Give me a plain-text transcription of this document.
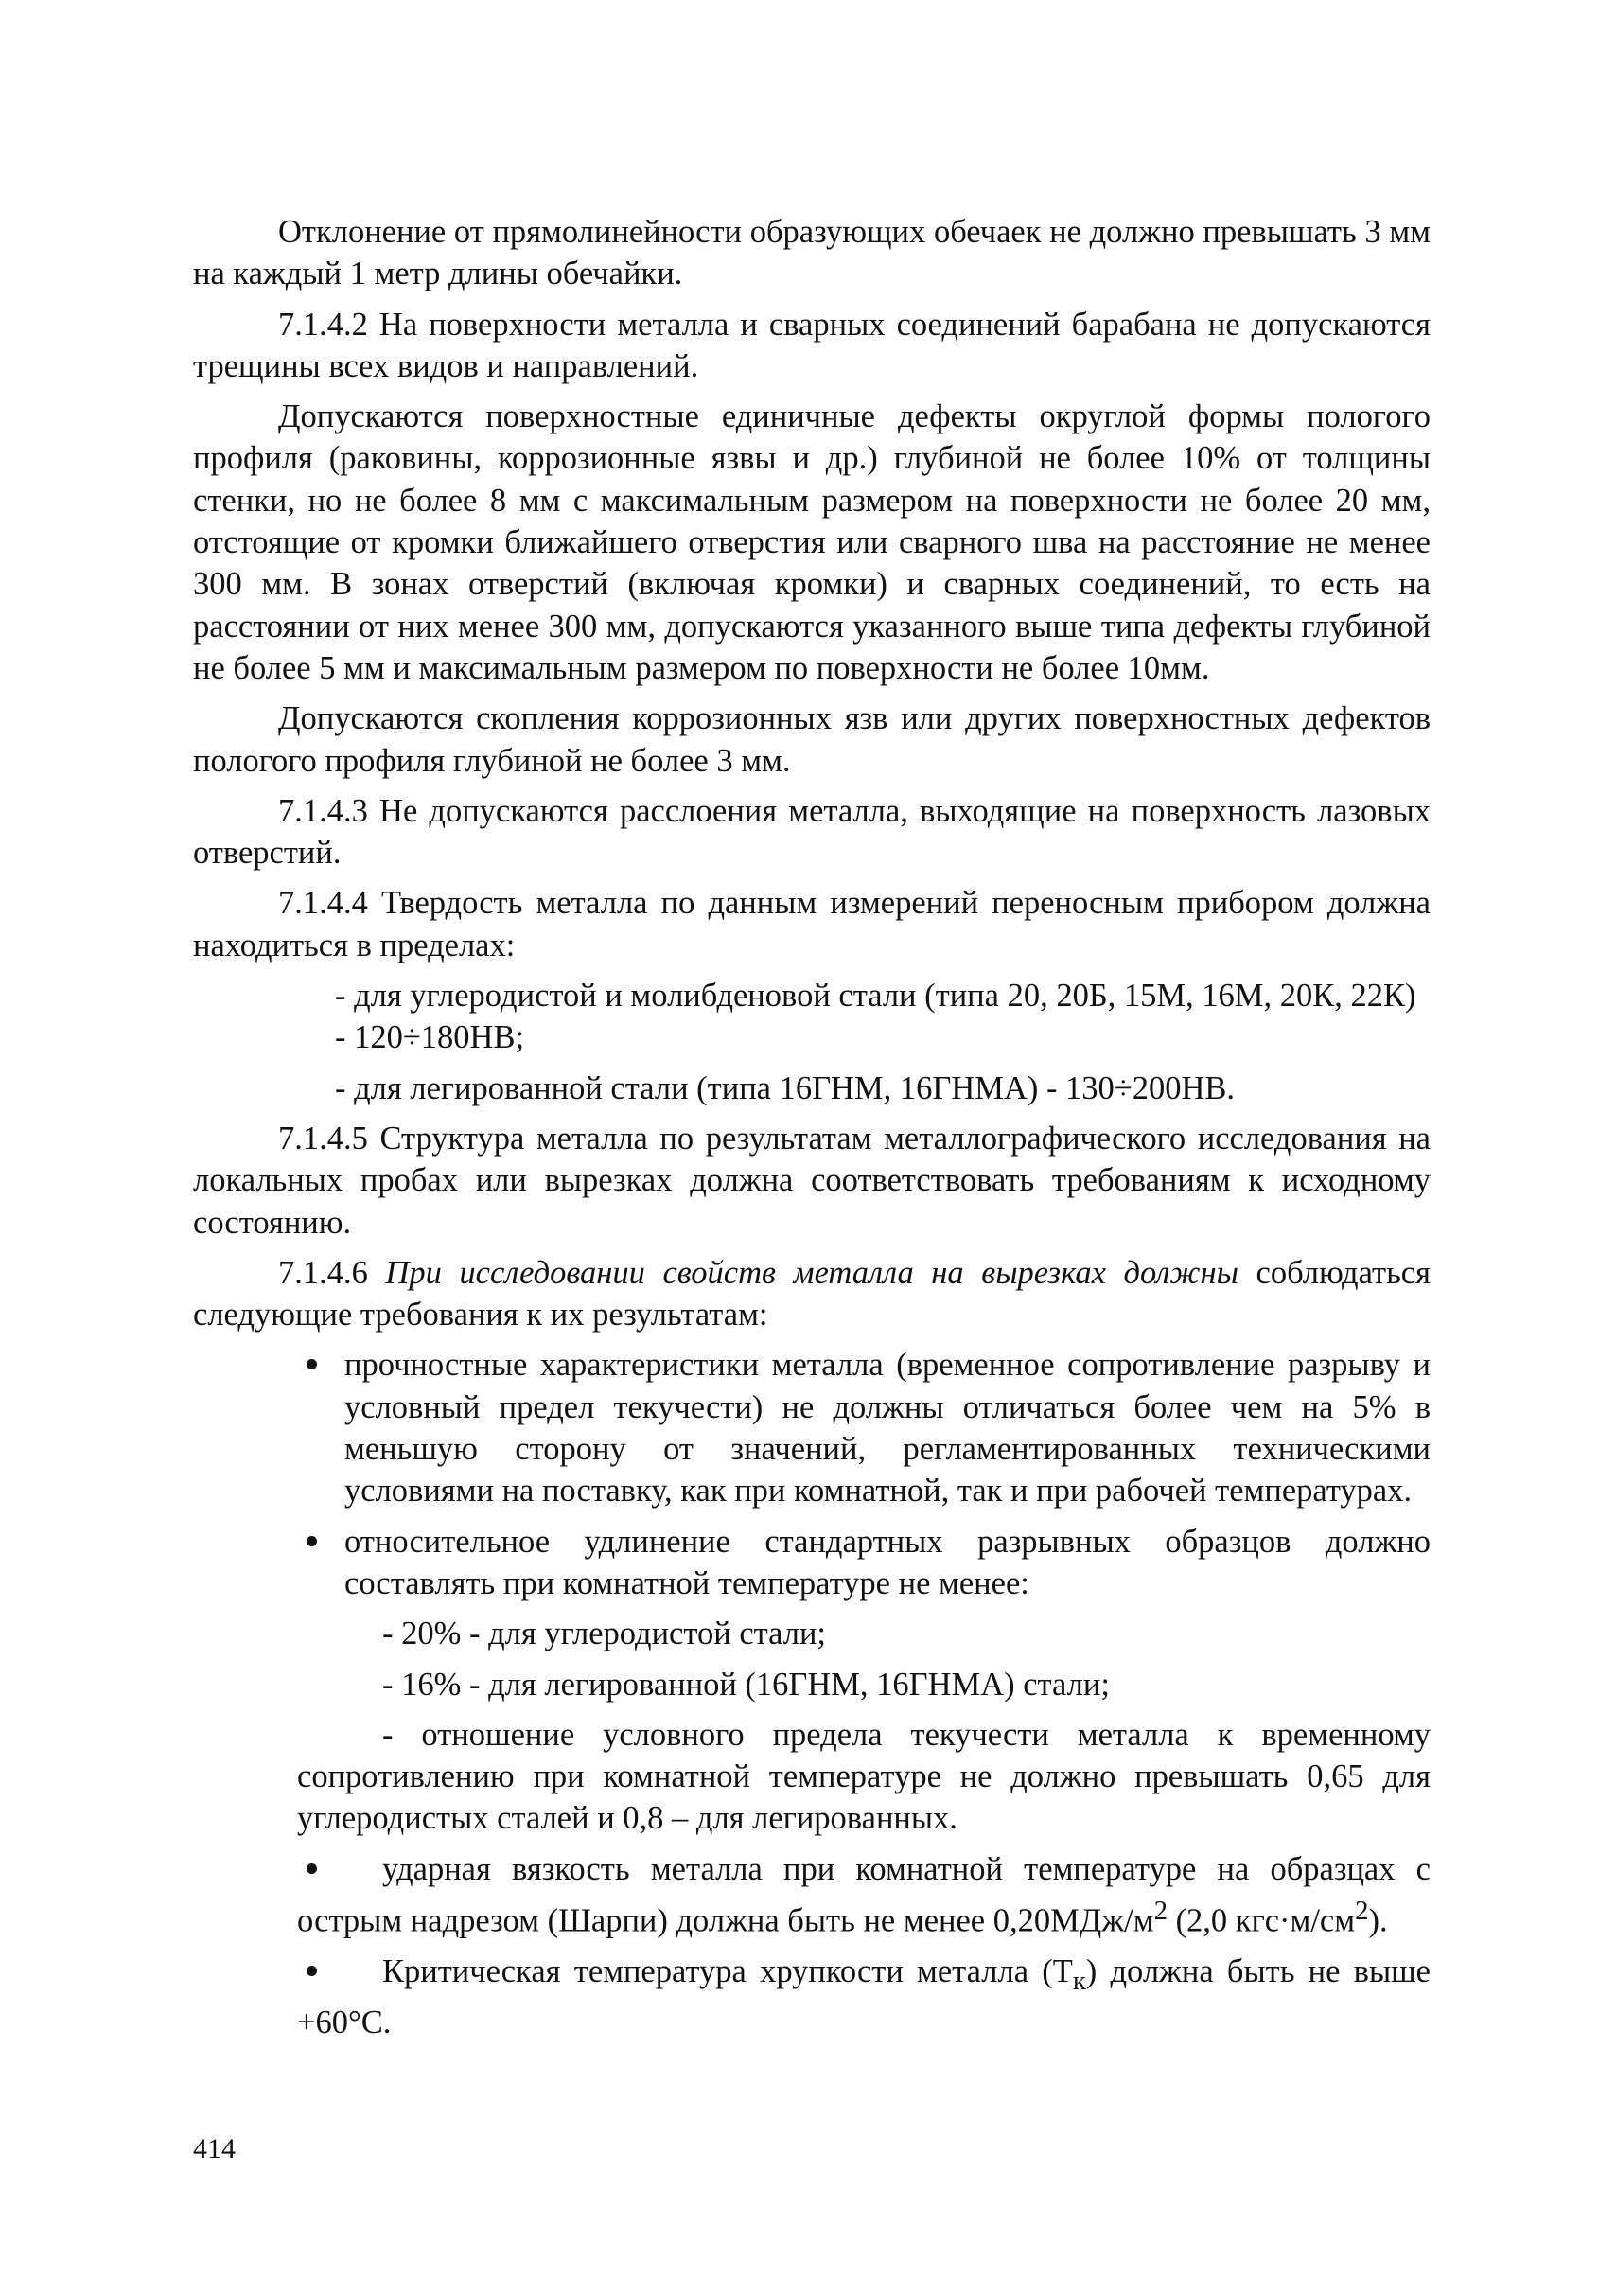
Отклонение от прямолинейности образующих обечаек не должно превышать 3 мм на каждый 1 метр длины обечайки.

7.1.4.2 На поверхности металла и сварных соединений барабана не допускаются трещины всех видов и направлений.

Допускаются поверхностные единичные дефекты округлой формы пологого профиля (раковины, коррозионные язвы и др.) глубиной не более 10% от толщины стенки, но не более 8 мм с максимальным размером на поверхности не более 20 мм, отстоящие от кромки ближайшего отверстия или сварного шва на расстояние не менее 300 мм. В зонах отверстий (включая кромки) и сварных соединений, то есть на расстоянии от них менее 300 мм, допускаются указанного выше типа дефекты глубиной не более 5 мм и максимальным размером по поверхности не более 10мм.

Допускаются скопления коррозионных язв или других поверхностных дефектов пологого профиля глубиной не более 3 мм.

7.1.4.3 Не допускаются расслоения металла, выходящие на поверхность лазовых отверстий.

7.1.4.4 Твердость металла по данным измерений переносным прибором должна находиться в пределах:

- для углеродистой и молибденовой стали (типа 20, 20Б, 15М, 16М, 20К, 22К) - 120÷180НВ;

- для легированной стали (типа 16ГНМ, 16ГНМА) - 130÷200НВ.

7.1.4.5 Структура металла по результатам металлографического исследования на локальных пробах или вырезках должна соответствовать требованиям к исходному состоянию.

7.1.4.6 При исследовании свойств металла на вырезках должны соблюдаться следующие требования к их результатам:

прочностные характеристики металла (временное сопротивление разрыву и условный предел текучести) не должны отличаться более чем на 5% в меньшую сторону от значений, регламентированных техническими условиями на поставку, как при комнатной, так и при рабочей температурах.
относительное удлинение стандартных разрывных образцов должно составлять при комнатной температуре не менее:

- 20% - для углеродистой стали;

- 16% - для легированной (16ГНМ, 16ГНМА) стали;

- отношение условного предела текучести металла к временному сопротивлению при комнатной температуре не должно превышать 0,65 для углеродистых сталей и 0,8 – для легированных.

ударная вязкость металла при комнатной температуре на образцах с острым надрезом (Шарпи) должна быть не менее $0,20МДж/м^2$ (2,0 $кгс\cdot м/см^2$).
Критическая температура хрупкости металла $(Т_к)$ должна быть не выше +60°С.
414
